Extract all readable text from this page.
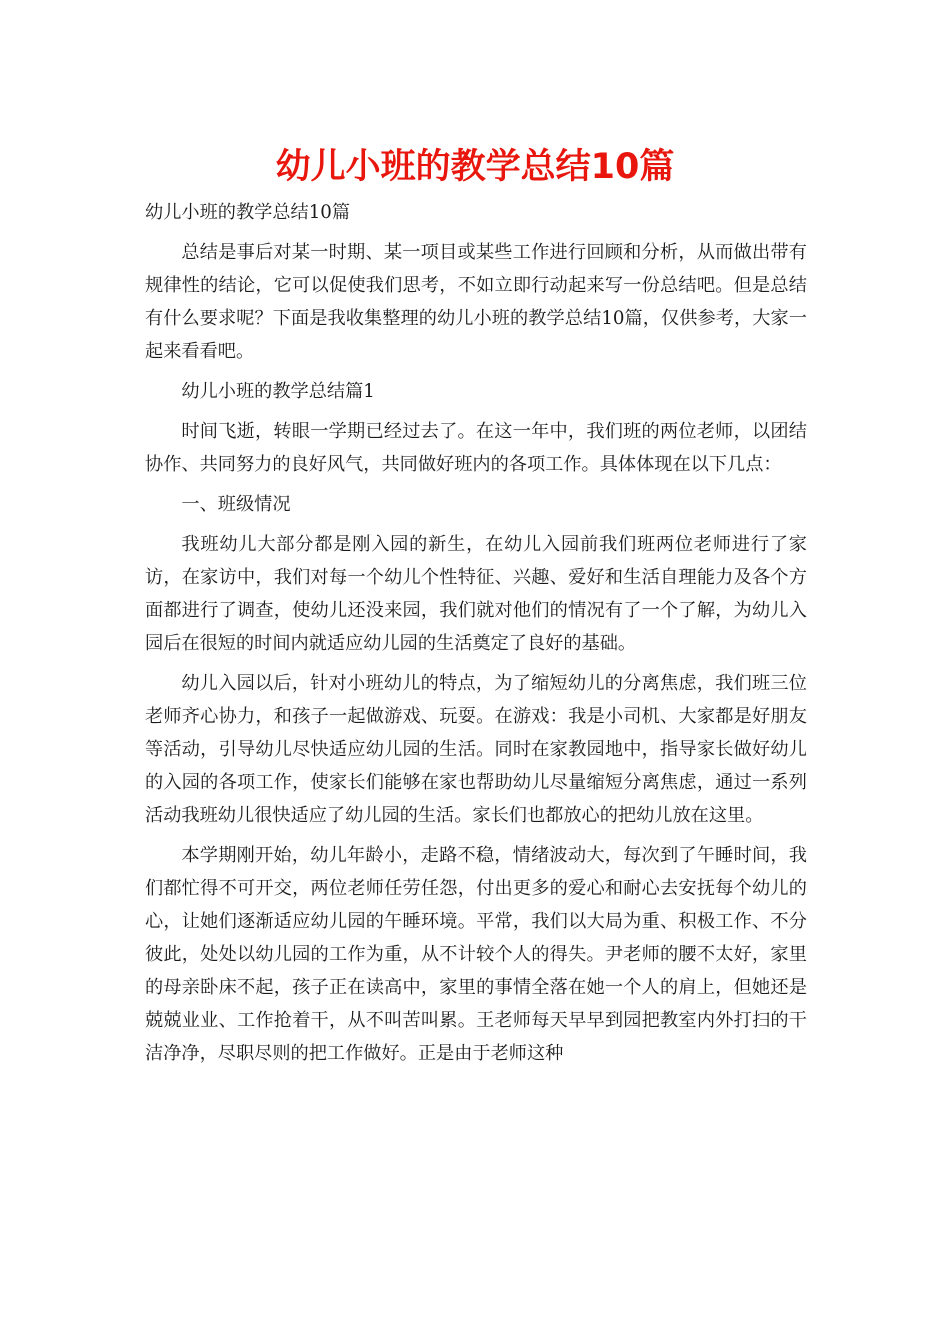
幼儿小班的教学总结10篇

幼儿小班的教学总结10篇

总结是事后对某一时期、某一项目或某些工作进行回顾和分析，从而做出带有规律性的结论，它可以促使我们思考，不如立即行动起来写一份总结吧。但是总结有什么要求呢？下面是我收集整理的幼儿小班的教学总结10篇，仅供参考，大家一起来看看吧。

幼儿小班的教学总结篇1

时间飞逝，转眼一学期已经过去了。在这一年中，我们班的两位老师，以团结协作、共同努力的良好风气，共同做好班内的各项工作。具体体现在以下几点：

一、班级情况

我班幼儿大部分都是刚入园的新生，在幼儿入园前我们班两位老师进行了家访，在家访中，我们对每一个幼儿个性特征、兴趣、爱好和生活自理能力及各个方面都进行了调查，使幼儿还没来园，我们就对他们的情况有了一个了解，为幼儿入园后在很短的时间内就适应幼儿园的生活奠定了良好的基础。

幼儿入园以后，针对小班幼儿的特点，为了缩短幼儿的分离焦虑，我们班三位老师齐心协力，和孩子一起做游戏、玩耍。在游戏：我是小司机、大家都是好朋友等活动，引导幼儿尽快适应幼儿园的生活。同时在家教园地中，指导家长做好幼儿的入园的各项工作，使家长们能够在家也帮助幼儿尽量缩短分离焦虑，通过一系列活动我班幼儿很快适应了幼儿园的生活。家长们也都放心的把幼儿放在这里。

本学期刚开始，幼儿年龄小，走路不稳，情绪波动大，每次到了午睡时间，我们都忙得不可开交，两位老师任劳任怨，付出更多的爱心和耐心去安抚每个幼儿的心，让她们逐渐适应幼儿园的午睡环境。平常，我们以大局为重、积极工作、不分彼此，处处以幼儿园的工作为重，从不计较个人的得失。尹老师的腰不太好，家里的母亲卧床不起，孩子正在读高中，家里的事情全落在她一个人的肩上，但她还是兢兢业业、工作抢着干，从不叫苦叫累。王老师每天早早到园把教室内外打扫的干洁净净，尽职尽则的把工作做好。正是由于老师这种
